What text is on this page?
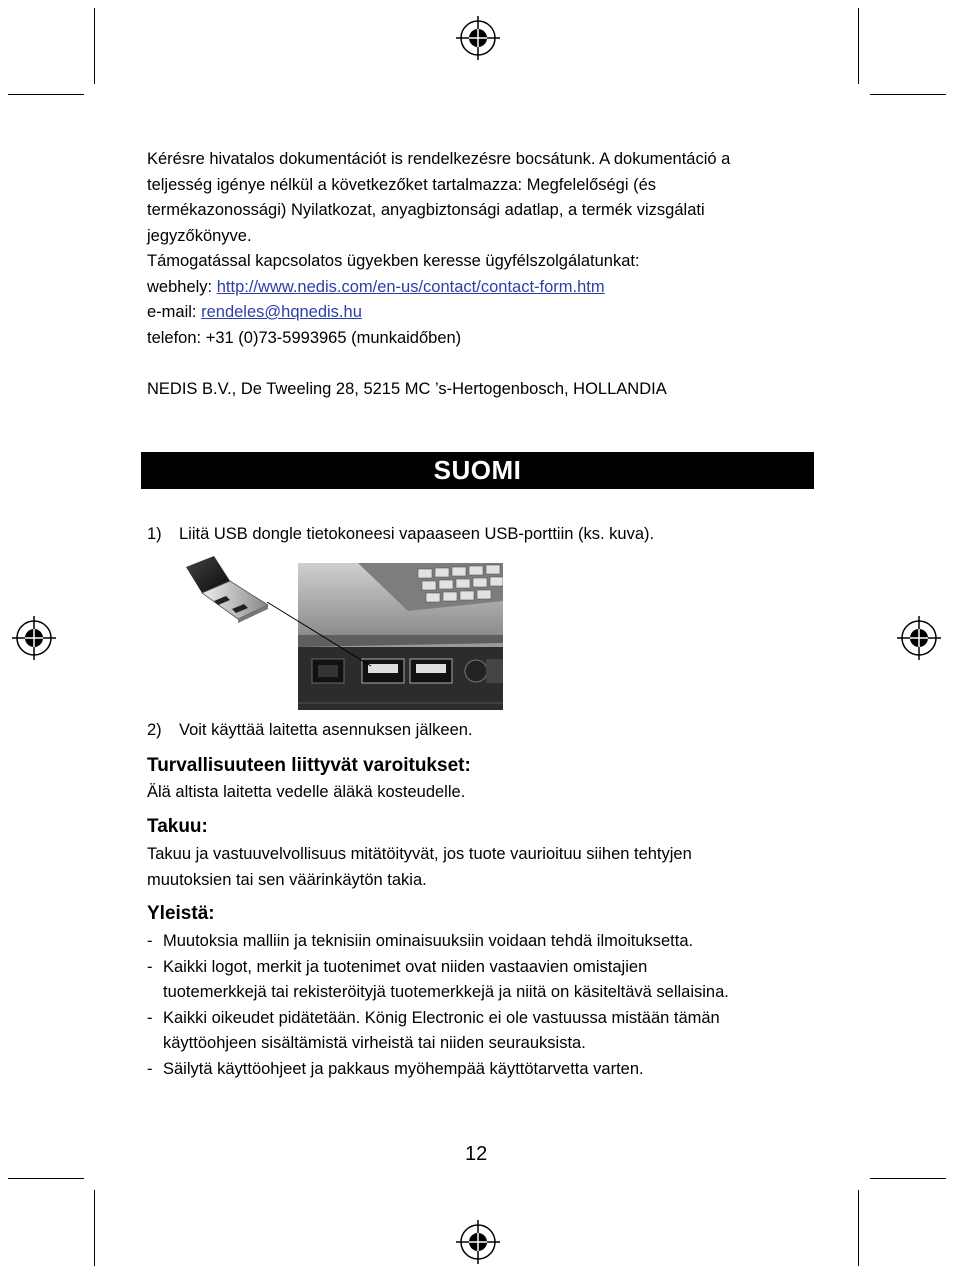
Kérésre hivatalos dokumentációt is rendelkezésre bocsátunk. A dokumentáció a
teljesség igénye nélkül a következőket tartalmazza: Megfelelőségi (és
termékazonossági) Nyilatkozat, anyagbiztonsági adatlap, a termék vizsgálati
jegyzőkönyve.
Támogatással kapcsolatos ügyekben keresse ügyfélszolgálatunkat:
webhely: http://www.nedis.com/en-us/contact/contact-form.htm
e-mail: rendeles@hqnedis.hu
telefon: +31 (0)73-5993965 (munkaidőben)
NEDIS B.V., De Tweeling 28, 5215 MC ’s-Hertogenbosch, HOLLANDIA
SUOMI
1) Liitä USB dongle tietokoneesi vapaaseen USB-porttiin (ks. kuva).
2) Voit käyttää laitetta asennuksen jälkeen.
Turvallisuuteen liittyvät varoitukset:
Älä altista laitetta vedelle äläkä kosteudelle.
Takuu:
Takuu ja vastuuvelvollisuus mitätöityvät, jos tuote vaurioituu siihen tehtyjen
muutoksien tai sen väärinkäytön takia.
Yleistä:
- Muutoksia malliin ja teknisiin ominaisuuksiin voidaan tehdä ilmoituksetta.
- Kaikki logot, merkit ja tuotenimet ovat niiden vastaavien omistajien
tuotemerkkejä tai rekisteröityjä tuotemerkkejä ja niitä on käsiteltävä sellaisina.
- Kaikki oikeudet pidätetään. König Electronic ei ole vastuussa mistään tämän
käyttöohjeen sisältämistä virheistä tai niiden seurauksista.
- Säilytä käyttöohjeet ja pakkaus myöhempää käyttötarvetta varten.
12
